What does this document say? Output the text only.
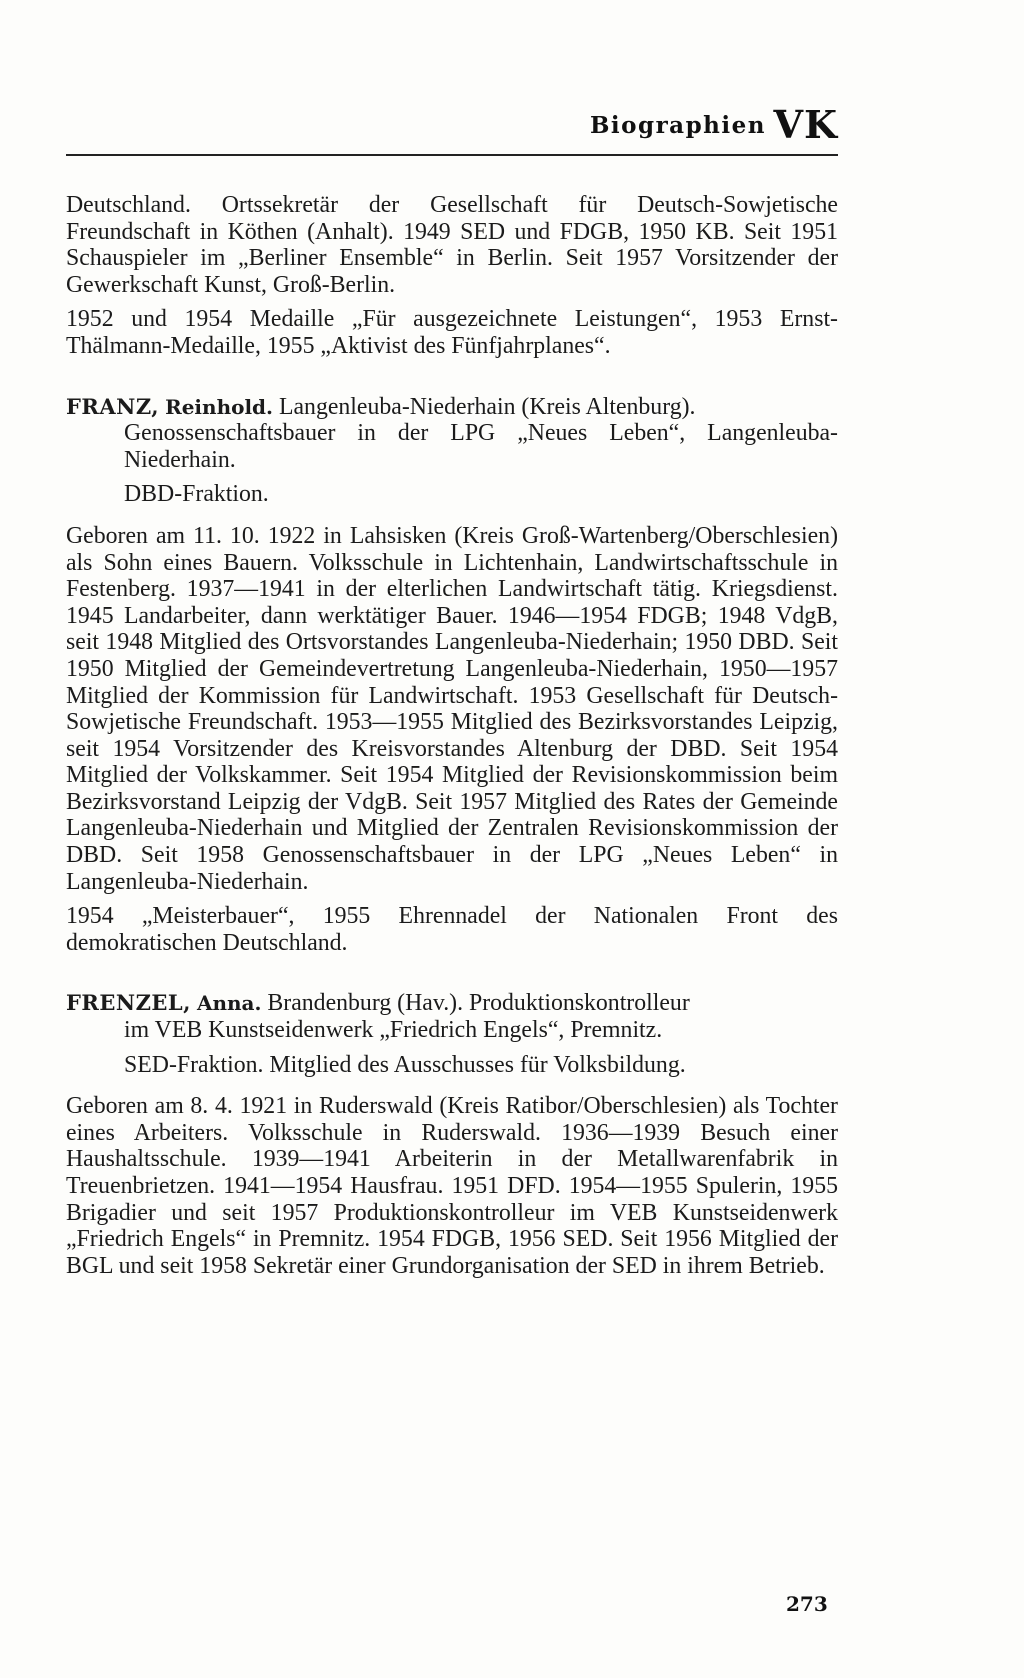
Biographien VK

Deutschland. Ortssekretär der Gesellschaft für Deutsch-Sowjetische Freundschaft in Köthen (Anhalt). 1949 SED und FDGB, 1950 KB. Seit 1951 Schauspieler im „Berliner Ensemble“ in Berlin. Seit 1957 Vorsitzender der Gewerkschaft Kunst, Groß-Berlin.

1952 und 1954 Medaille „Für ausgezeichnete Leistungen“, 1953 Ernst-Thälmann-Medaille, 1955 „Aktivist des Fünfjahrplanes“.

FRANZ, Reinhold. Langenleuba-Niederhain (Kreis Altenburg).

Genossenschaftsbauer in der LPG „Neues Leben“, Langenleuba-Niederhain.

DBD-Fraktion.

Geboren am 11. 10. 1922 in Lahsisken (Kreis Groß-Wartenberg/Oberschlesien) als Sohn eines Bauern. Volksschule in Lichtenhain, Landwirtschaftsschule in Festenberg. 1937—1941 in der elterlichen Landwirtschaft tätig. Kriegsdienst. 1945 Landarbeiter, dann werktätiger Bauer. 1946—1954 FDGB; 1948 VdgB, seit 1948 Mitglied des Ortsvorstandes Langenleuba-Niederhain; 1950 DBD. Seit 1950 Mitglied der Gemeindevertretung Langenleuba-Niederhain, 1950—1957 Mitglied der Kommission für Landwirtschaft. 1953 Gesellschaft für Deutsch-Sowjetische Freundschaft. 1953—1955 Mitglied des Bezirksvorstandes Leipzig, seit 1954 Vorsitzender des Kreisvorstandes Altenburg der DBD. Seit 1954 Mitglied der Volkskammer. Seit 1954 Mitglied der Revisionskommission beim Bezirksvorstand Leipzig der VdgB. Seit 1957 Mitglied des Rates der Gemeinde Langenleuba-Niederhain und Mitglied der Zentralen Revisionskommission der DBD. Seit 1958 Genossenschaftsbauer in der LPG „Neues Leben“ in Langenleuba-Niederhain.

1954 „Meisterbauer“, 1955 Ehrennadel der Nationalen Front des demokratischen Deutschland.

FRENZEL, Anna. Brandenburg (Hav.). Produktionskontrolleur

im VEB Kunstseidenwerk „Friedrich Engels“, Premnitz.

SED-Fraktion. Mitglied des Ausschusses für Volksbildung.

Geboren am 8. 4. 1921 in Ruderswald (Kreis Ratibor/Oberschlesien) als Tochter eines Arbeiters. Volksschule in Ruderswald. 1936—1939 Besuch einer Haushaltsschule. 1939—1941 Arbeiterin in der Metallwarenfabrik in Treuenbrietzen. 1941—1954 Hausfrau. 1951 DFD. 1954—1955 Spulerin, 1955 Brigadier und seit 1957 Produktionskontrolleur im VEB Kunstseidenwerk „Friedrich Engels“ in Premnitz. 1954 FDGB, 1956 SED. Seit 1956 Mitglied der BGL und seit 1958 Sekretär einer Grundorganisation der SED in ihrem Betrieb.

273
